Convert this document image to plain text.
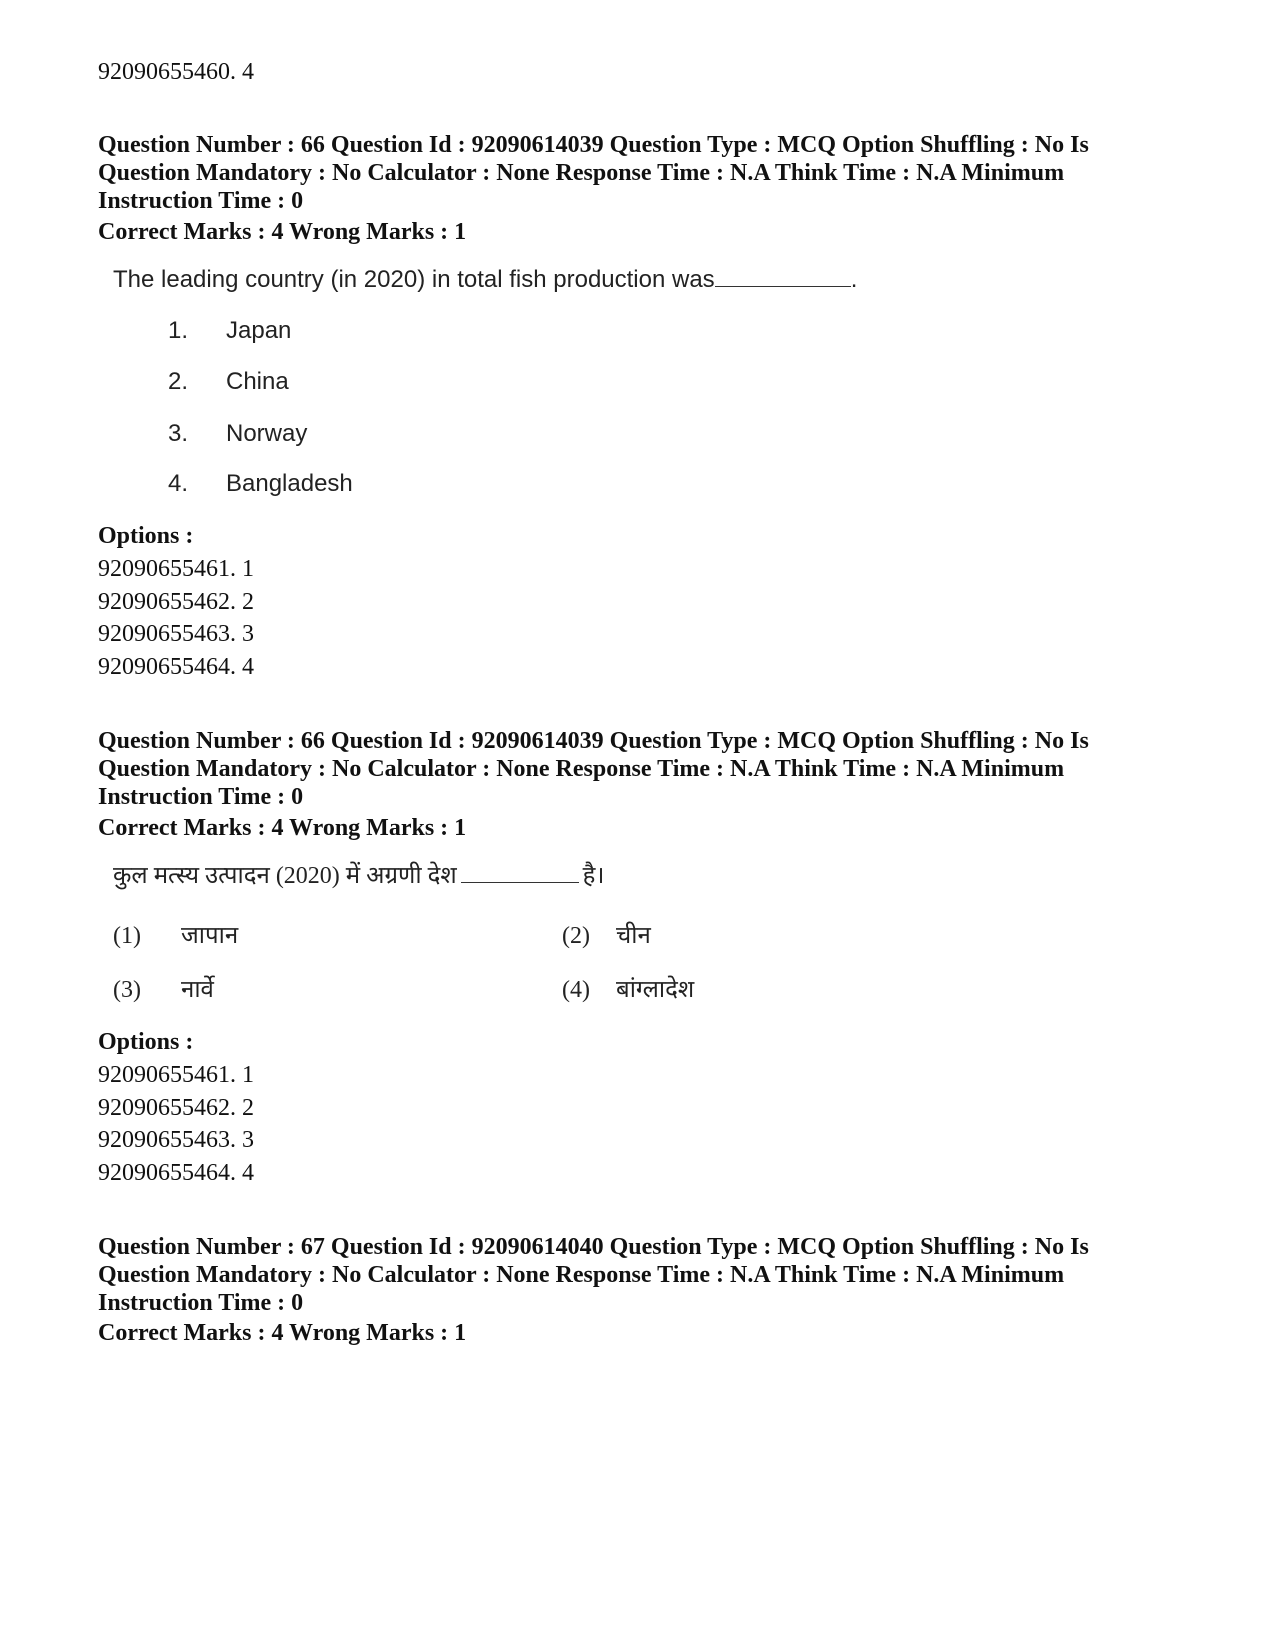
92090655460. 4
Question Number : 66 Question Id : 92090614039 Question Type : MCQ Option Shuffling : No Is
Question Mandatory : No Calculator : None Response Time : N.A Think Time : N.A Minimum
Instruction Time : 0
Correct Marks : 4 Wrong Marks : 1
The leading country (in 2020) in total fish production was	.
1. Japan
2. China
3. Norway
4. Bangladesh
Options :
92090655461. 1
92090655462. 2
92090655463. 3
92090655464. 4
Question Number : 66 Question Id : 92090614039 Question Type : MCQ Option Shuffling : No Is
Question Mandatory : No Calculator : None Response Time : N.A Think Time : N.A Minimum
Instruction Time : 0
Correct Marks : 4 Wrong Marks : 1
कुल मत्स्य उत्पादन (2020) में अग्रणी देश	है।
(1) जापान	(2) चीन
(3) नार्वे	(4) बांग्लादेश
Options :
92090655461. 1
92090655462. 2
92090655463. 3
92090655464. 4
Question Number : 67 Question Id : 92090614040 Question Type : MCQ Option Shuffling : No Is
Question Mandatory : No Calculator : None Response Time : N.A Think Time : N.A Minimum
Instruction Time : 0
Correct Marks : 4 Wrong Marks : 1
